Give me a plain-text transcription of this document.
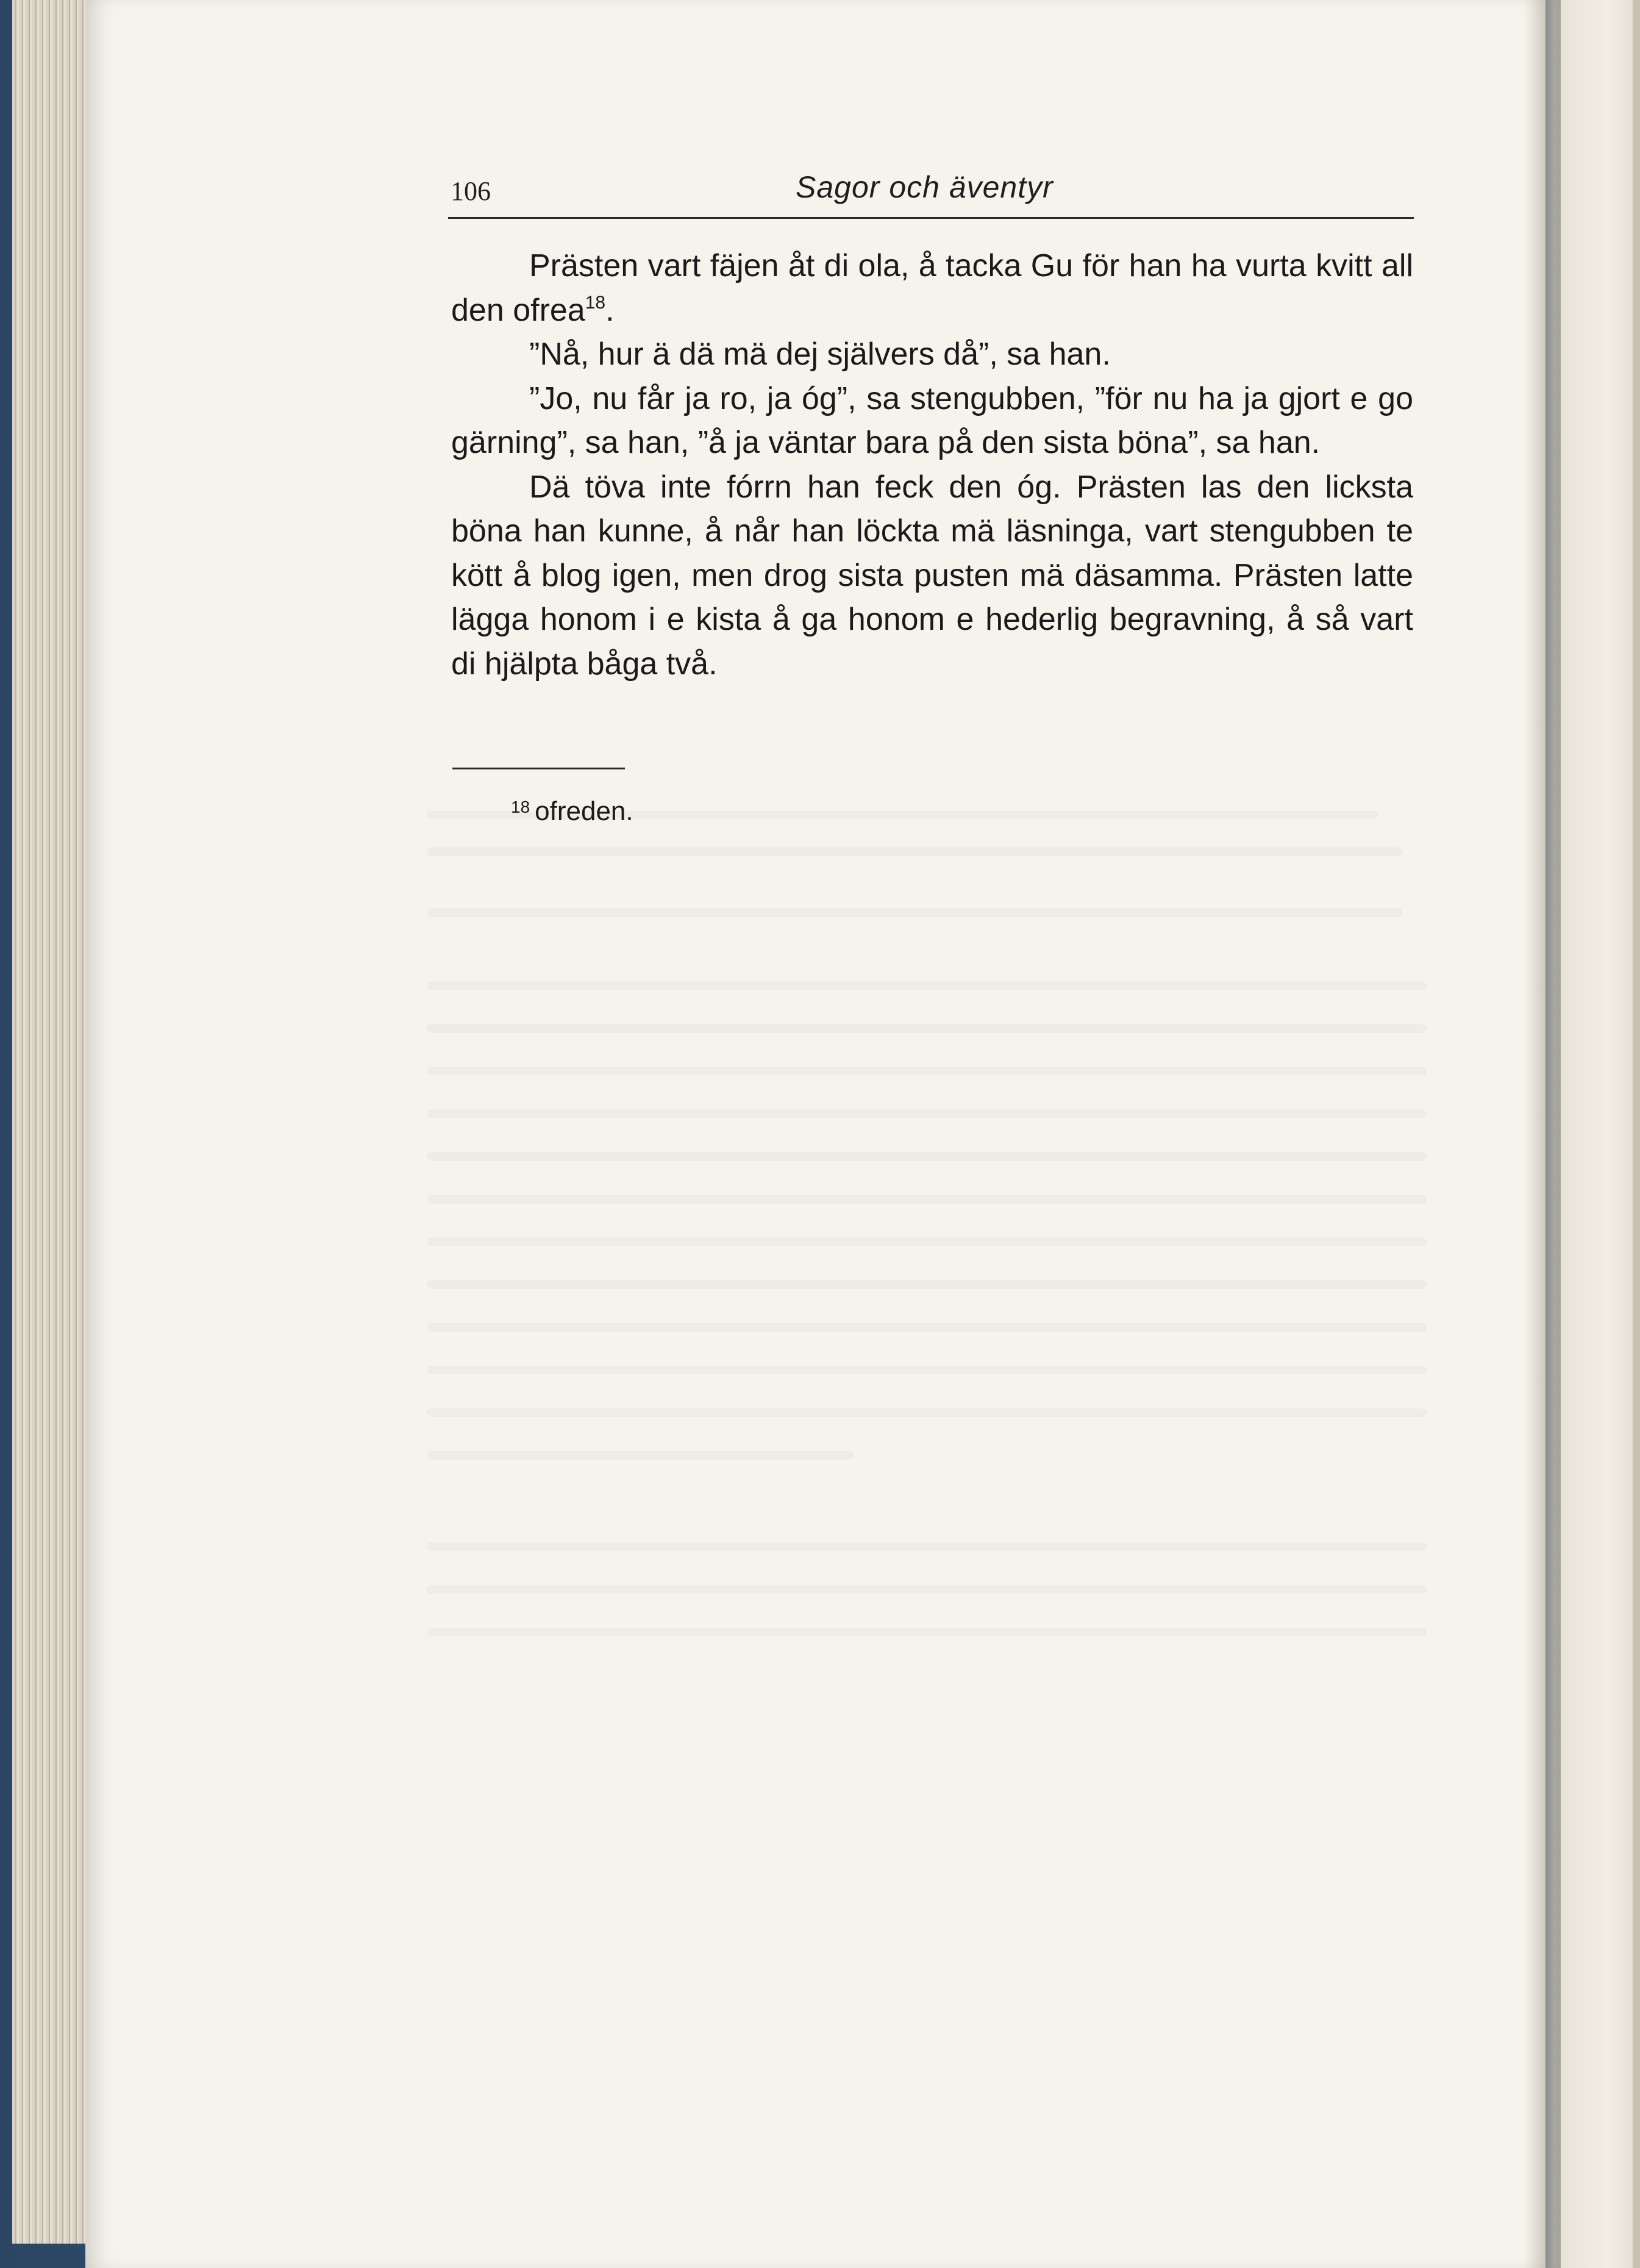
106	Sagor och äventyr

Prästen vart fäjen åt di ola, å tacka Gu för han ha vurta kvitt all den ofrea$^{18}$.

”Nå, hur ä dä mä dej självers då”, sa han.

”Jo, nu får ja ro, ja óg”, sa stengubben, ”för nu ha ja gjort e go gärning”, sa han, ”å ja väntar bara på den sista böna”, sa han.

Dä töva inte fórrn han feck den óg. Prästen las den licksta böna han kunne, å når han löckta mä läsninga, vart stengubben te kött å blog igen, men drog sista pusten mä däsamma. Prästen latte lägga honom i e kista å ga honom e hederlig begravning, å så vart di hjälpta båga två.

$^{18}$ ofreden.
